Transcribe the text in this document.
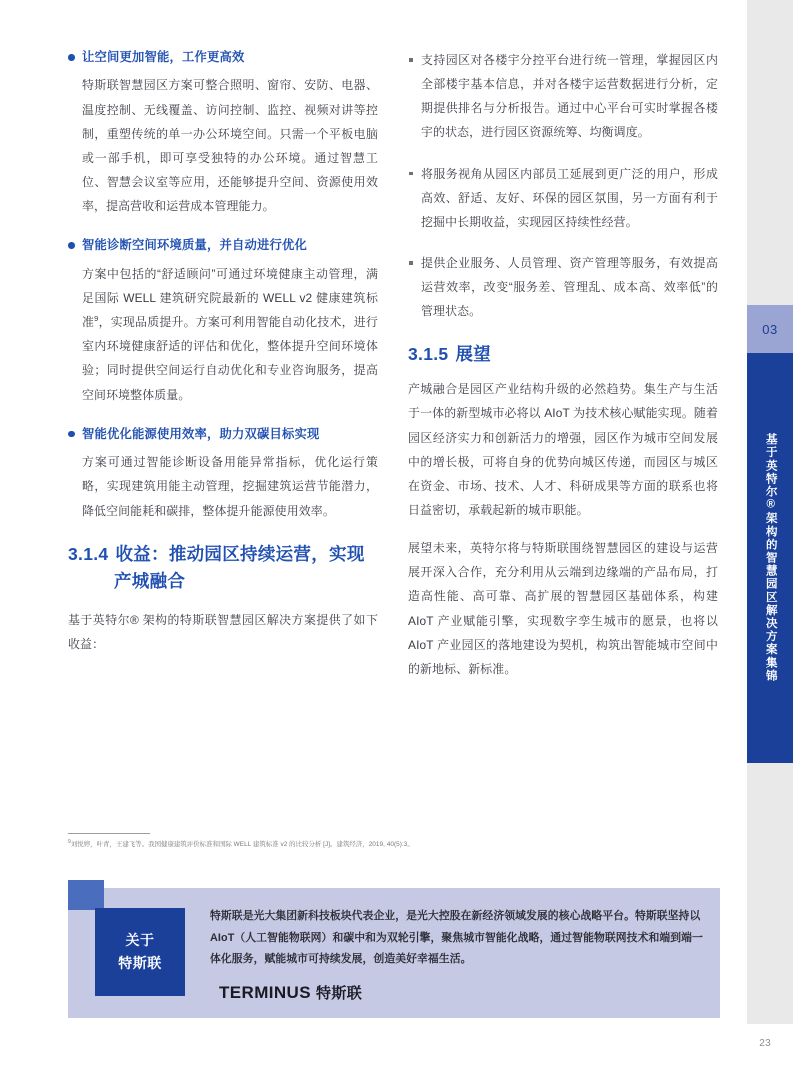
03
基于英特尔®架构的智慧园区解决方案集锦

让空间更加智能，工作更高效

特斯联智慧园区方案可整合照明、窗帘、安防、电器、温度控制、无线覆盖、访问控制、监控、视频对讲等控制，重塑传统的单一办公环境空间。只需一个平板电脑或一部手机，即可享受独特的办公环境。通过智慧工位、智慧会议室等应用，还能够提升空间、资源使用效率，提高营收和运营成本管理能力。

智能诊断空间环境质量，并自动进行优化

方案中包括的“舒适顾问”可通过环境健康主动管理，满足国际 WELL 建筑研究院最新的 WELL v2 健康建筑标准$^9$，实现品质提升。方案可利用智能自动化技术，进行室内环境健康舒适的评估和优化，整体提升空间环境体验；同时提供空间运行自动优化和专业咨询服务，提高空间环境整体质量。

智能优化能源使用效率，助力双碳目标实现

方案可通过智能诊断设备用能异常指标，优化运行策略，实现建筑用能主动管理，挖掘建筑运营节能潜力，降低空间能耗和碳排，整体提升能源使用效率。

3.1.4 收益：推动园区持续运营，实现
产城融合

基于英特尔® 架构的特斯联智慧园区解决方案提供了如下收益：

支持园区对各楼宇分控平台进行统一管理，掌握园区内全部楼宇基本信息，并对各楼宇运营数据进行分析，定期提供排名与分析报告。通过中心平台可实时掌握各楼宇的状态，进行园区资源统筹、均衡调度。

将服务视角从园区内部员工延展到更广泛的用户，形成高效、舒适、友好、环保的园区氛围，另一方面有利于挖掘中长期收益，实现园区持续性经营。

提供企业服务、人员管理、资产管理等服务，有效提高运营效率，改变“服务差、管理乱、成本高、效率低”的管理状态。

3.1.5 展望

产城融合是园区产业结构升级的必然趋势。集生产与生活于一体的新型城市必将以 AIoT 为技术核心赋能实现。随着园区经济实力和创新活力的增强，园区作为城市空间发展中的增长极，可将自身的优势向城区传递，而园区与城区在资金、市场、技术、人才、科研成果等方面的联系也将日益密切，承载起新的城市职能。

展望未来，英特尔将与特斯联围绕智慧园区的建设与运营展开深入合作，充分利用从云端到边缘端的产品布局，打造高性能、高可靠、高扩展的智慧园区基础体系，构建 AIoT 产业赋能引擎，实现数字孪生城市的愿景，也将以 AIoT 产业园区的落地建设为契机，构筑出智能城市空间中的新地标、新标准。

$^9$刘悦婷，叶青，王建飞等。我国健康建筑评价标准和国际 WELL 建筑标准 v2 的比较分析 [J]。建筑经济，2019, 40(5):3。
关于
特斯联
特斯联是光大集团新科技板块代表企业，是光大控股在新经济领域发展的核心战略平台。特斯联坚持以 AIoT（人工智能物联网）和碳中和为双轮引擎，聚焦城市智能化战略，通过智能物联网技术和端到端一体化服务，赋能城市可持续发展，创造美好幸福生活。
TERMINUS 特斯联
23
